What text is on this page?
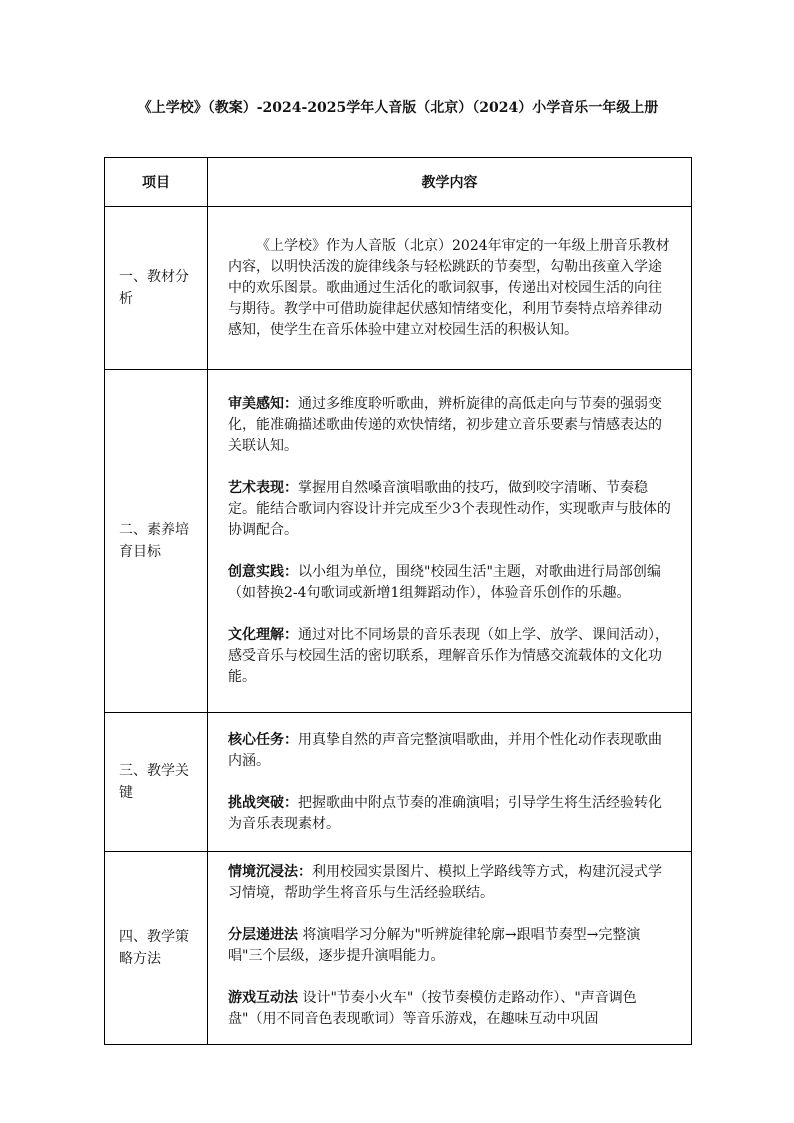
《上学校》（教案）-2024-2025学年人音版（北京）（2024）小学音乐一年级上册
项目	教学内容
一、教材分析	《上学校》作为人音版（北京）2024年审定的一年级上册音乐教材内容，以明快活泼的旋律线条与轻松跳跃的节奏型，勾勒出孩童入学途中的欢乐图景。歌曲通过生活化的歌词叙事，传递出对校园生活的向往与期待。教学中可借助旋律起伏感知情绪变化，利用节奏特点培养律动感知，使学生在音乐体验中建立对校园生活的积极认知。

二、素养培育目标	审美感知：通过多维度聆听歌曲，辨析旋律的高低走向与节奏的强弱变化，能准确描述歌曲传递的欢快情绪，初步建立音乐要素与情感表达的关联认知。

艺术表现：掌握用自然嗓音演唱歌曲的技巧，做到咬字清晰、节奏稳定。能结合歌词内容设计并完成至少3个表现性动作，实现歌声与肢体的协调配合。

创意实践：以小组为单位，围绕"校园生活"主题，对歌曲进行局部创编（如替换2-4句歌词或新增1组舞蹈动作），体验音乐创作的乐趣。

文化理解：通过对比不同场景的音乐表现（如上学、放学、课间活动），感受音乐与校园生活的密切联系，理解音乐作为情感交流载体的文化功能。

三、教学关键	核心任务：用真挚自然的声音完整演唱歌曲，并用个性化动作表现歌曲内涵。

挑战突破：把握歌曲中附点节奏的准确演唱；引导学生将生活经验转化为音乐表现素材。

四、教学策略方法	情境沉浸法：利用校园实景图片、模拟上学路线等方式，构建沉浸式学习情境，帮助学生将音乐与生活经验联结。

分层递进法 将演唱学习分解为"听辨旋律轮廓→跟唱节奏型→完整演唱"三个层级，逐步提升演唱能力。

游戏互动法 设计"节奏小火车"（按节奏模仿走路动作）、"声音调色盘"（用不同音色表现歌词）等音乐游戏，在趣味互动中巩固
